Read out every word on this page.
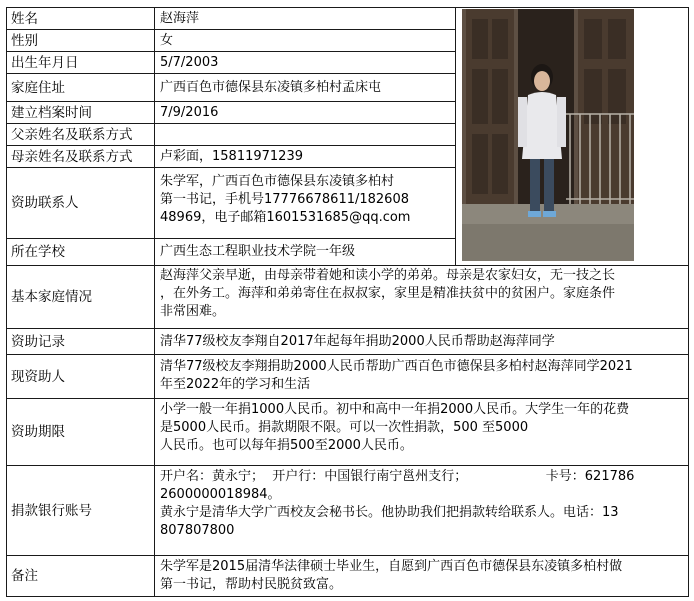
姓名
性别
出生年月日
家庭住址
建立档案时间
父亲姓名及联系方式
母亲姓名及联系方式
资助联系人
所在学校
基本家庭情况
资助记录
现资助人
资助期限
捐款银行账号
备注
赵海萍
女
5/7/2003
广西百色市德保县东凌镇多柏村孟床屯
7/9/2016
卢彩面，15811971239
朱学军，广西百色市德保县东凌镇多柏村
第一书记，手机号17776678611/182608
48969，电子邮箱1601531685@qq.com
广西生态工程职业技术学院一年级
赵海萍父亲早逝，由母亲带着她和读小学的弟弟。母亲是农家妇女，无一技之长
，在外务工。海萍和弟弟寄住在叔叔家，家里是精准扶贫中的贫困户。家庭条件
非常困难。
清华77级校友李翔自2017年起每年捐助2000人民币帮助赵海萍同学
清华77级校友李翔捐助2000人民币帮助广西百色市德保县多柏村赵海萍同学2021
年至2022年的学习和生活
小学一般一年捐1000人民币。初中和高中一年捐2000人民币。大学生一年的花费
是5000人民币。捐款期限不限。可以一次性捐款，500 至5000
人民币。也可以每年捐500至2000人民币。
开户名：黄永宁；  开户行：中国银行南宁邕州支行；                   卡号：621786
2600000018984。
黄永宁是清华大学广西校友会秘书长。他协助我们把捐款转给联系人。电话：13
807807800
朱学军是2015届清华法律硕士毕业生，自愿到广西百色市德保县东凌镇多柏村做
第一书记，帮助村民脱贫致富。
